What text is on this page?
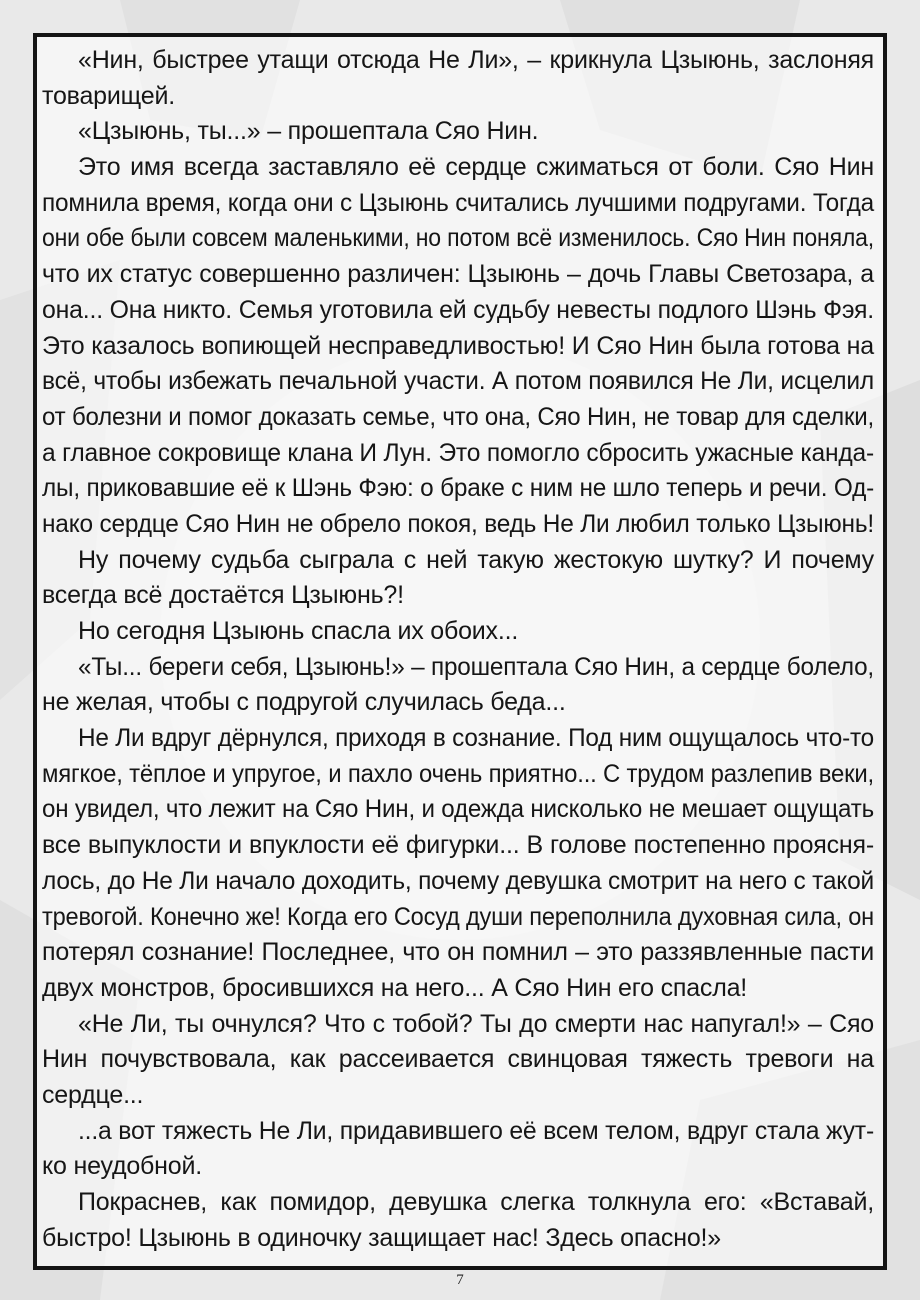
«Нин, быстрее утащи отсюда Не Ли», – крикнула Цзыюнь, заслоняя
товарищей.
«Цзыюнь, ты...» – прошептала Сяо Нин.
Это имя всегда заставляло её сердце сжиматься от боли. Сяо Нин
помнила время, когда они с Цзыюнь считались лучшими подругами. Тогда
они обе были совсем маленькими, но потом всё изменилось. Сяо Нин поняла,
что их статус совершенно различен: Цзыюнь – дочь Главы Светозара, а
она... Она никто. Семья уготовила ей судьбу невесты подлого Шэнь Фэя.
Это казалось вопиющей несправедливостью! И Сяо Нин была готова на
всё, чтобы избежать печальной участи. А потом появился Не Ли, исцелил
от болезни и помог доказать семье, что она, Сяо Нин, не товар для сделки,
а главное сокровище клана И Лун. Это помогло сбросить ужасные канда-
лы, приковавшие её к Шэнь Фэю: о браке с ним не шло теперь и речи. Од-
нако сердце Сяо Нин не обрело покоя, ведь Не Ли любил только Цзыюнь!
Ну почему судьба сыграла с ней такую жестокую шутку? И почему
всегда всё достаётся Цзыюнь?!
Но сегодня Цзыюнь спасла их обоих...
«Ты... береги себя, Цзыюнь!» – прошептала Сяо Нин, а сердце болело,
не желая, чтобы с подругой случилась беда...
Не Ли вдруг дёрнулся, приходя в сознание. Под ним ощущалось что-то
мягкое, тёплое и упругое, и пахло очень приятно... С трудом разлепив веки,
он увидел, что лежит на Сяо Нин, и одежда нисколько не мешает ощущать
все выпуклости и впуклости её фигурки... В голове постепенно проясня-
лось, до Не Ли начало доходить, почему девушка смотрит на него с такой
тревогой. Конечно же! Когда его Сосуд души переполнила духовная сила, он
потерял сознание! Последнее, что он помнил – это раззявленные пасти
двух монстров, бросившихся на него... А Сяо Нин его спасла!
«Не Ли, ты очнулся? Что с тобой? Ты до смерти нас напугал!» – Сяо
Нин почувствовала, как рассеивается свинцовая тяжесть тревоги на
сердце...
...а вот тяжесть Не Ли, придавившего её всем телом, вдруг стала жут-
ко неудобной.
Покраснев, как помидор, девушка слегка толкнула его: «Вставай,
быстро! Цзыюнь в одиночку защищает нас! Здесь опасно!»
7
